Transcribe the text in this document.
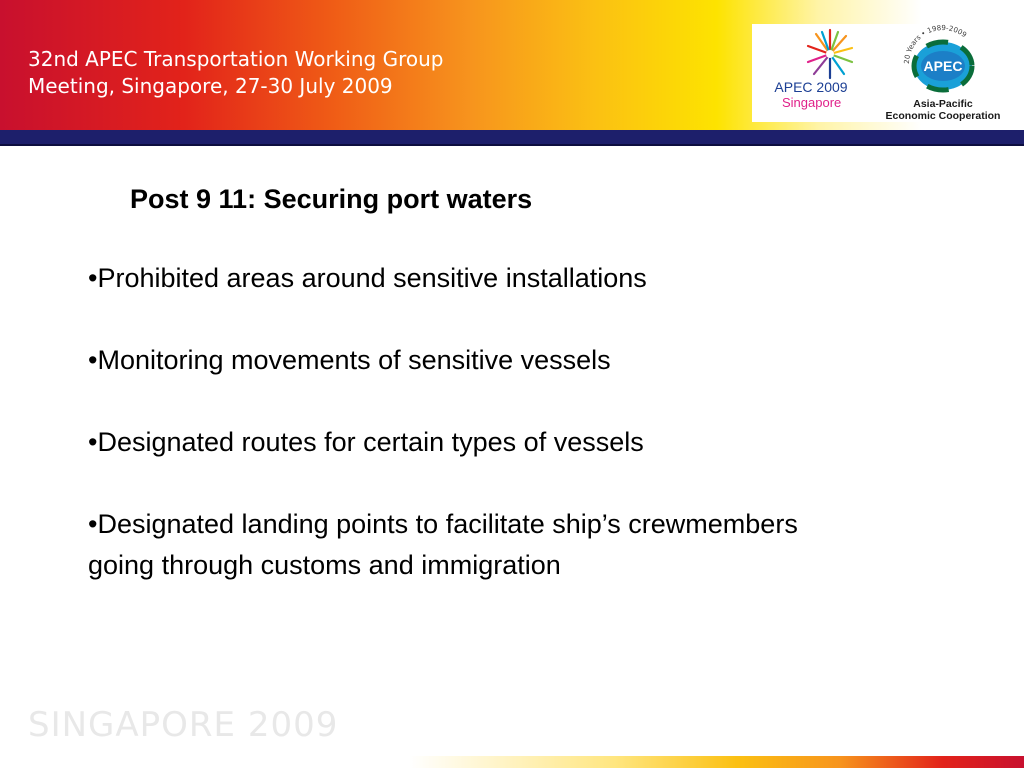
32nd APEC Transportation Working Group
Meeting, Singapore, 27-30 July 2009	APEC 2009
Singapore
20 Years • 1989-2009
APEC
Asia-Pacific
Economic Cooperation
Post 9 11: Securing port waters
•Prohibited areas around sensitive installations
•Monitoring movements of sensitive vessels
•Designated routes for certain types of vessels
•Designated landing points to facilitate ship’s crewmembers going through customs and immigration
SINGAPORE 2009
